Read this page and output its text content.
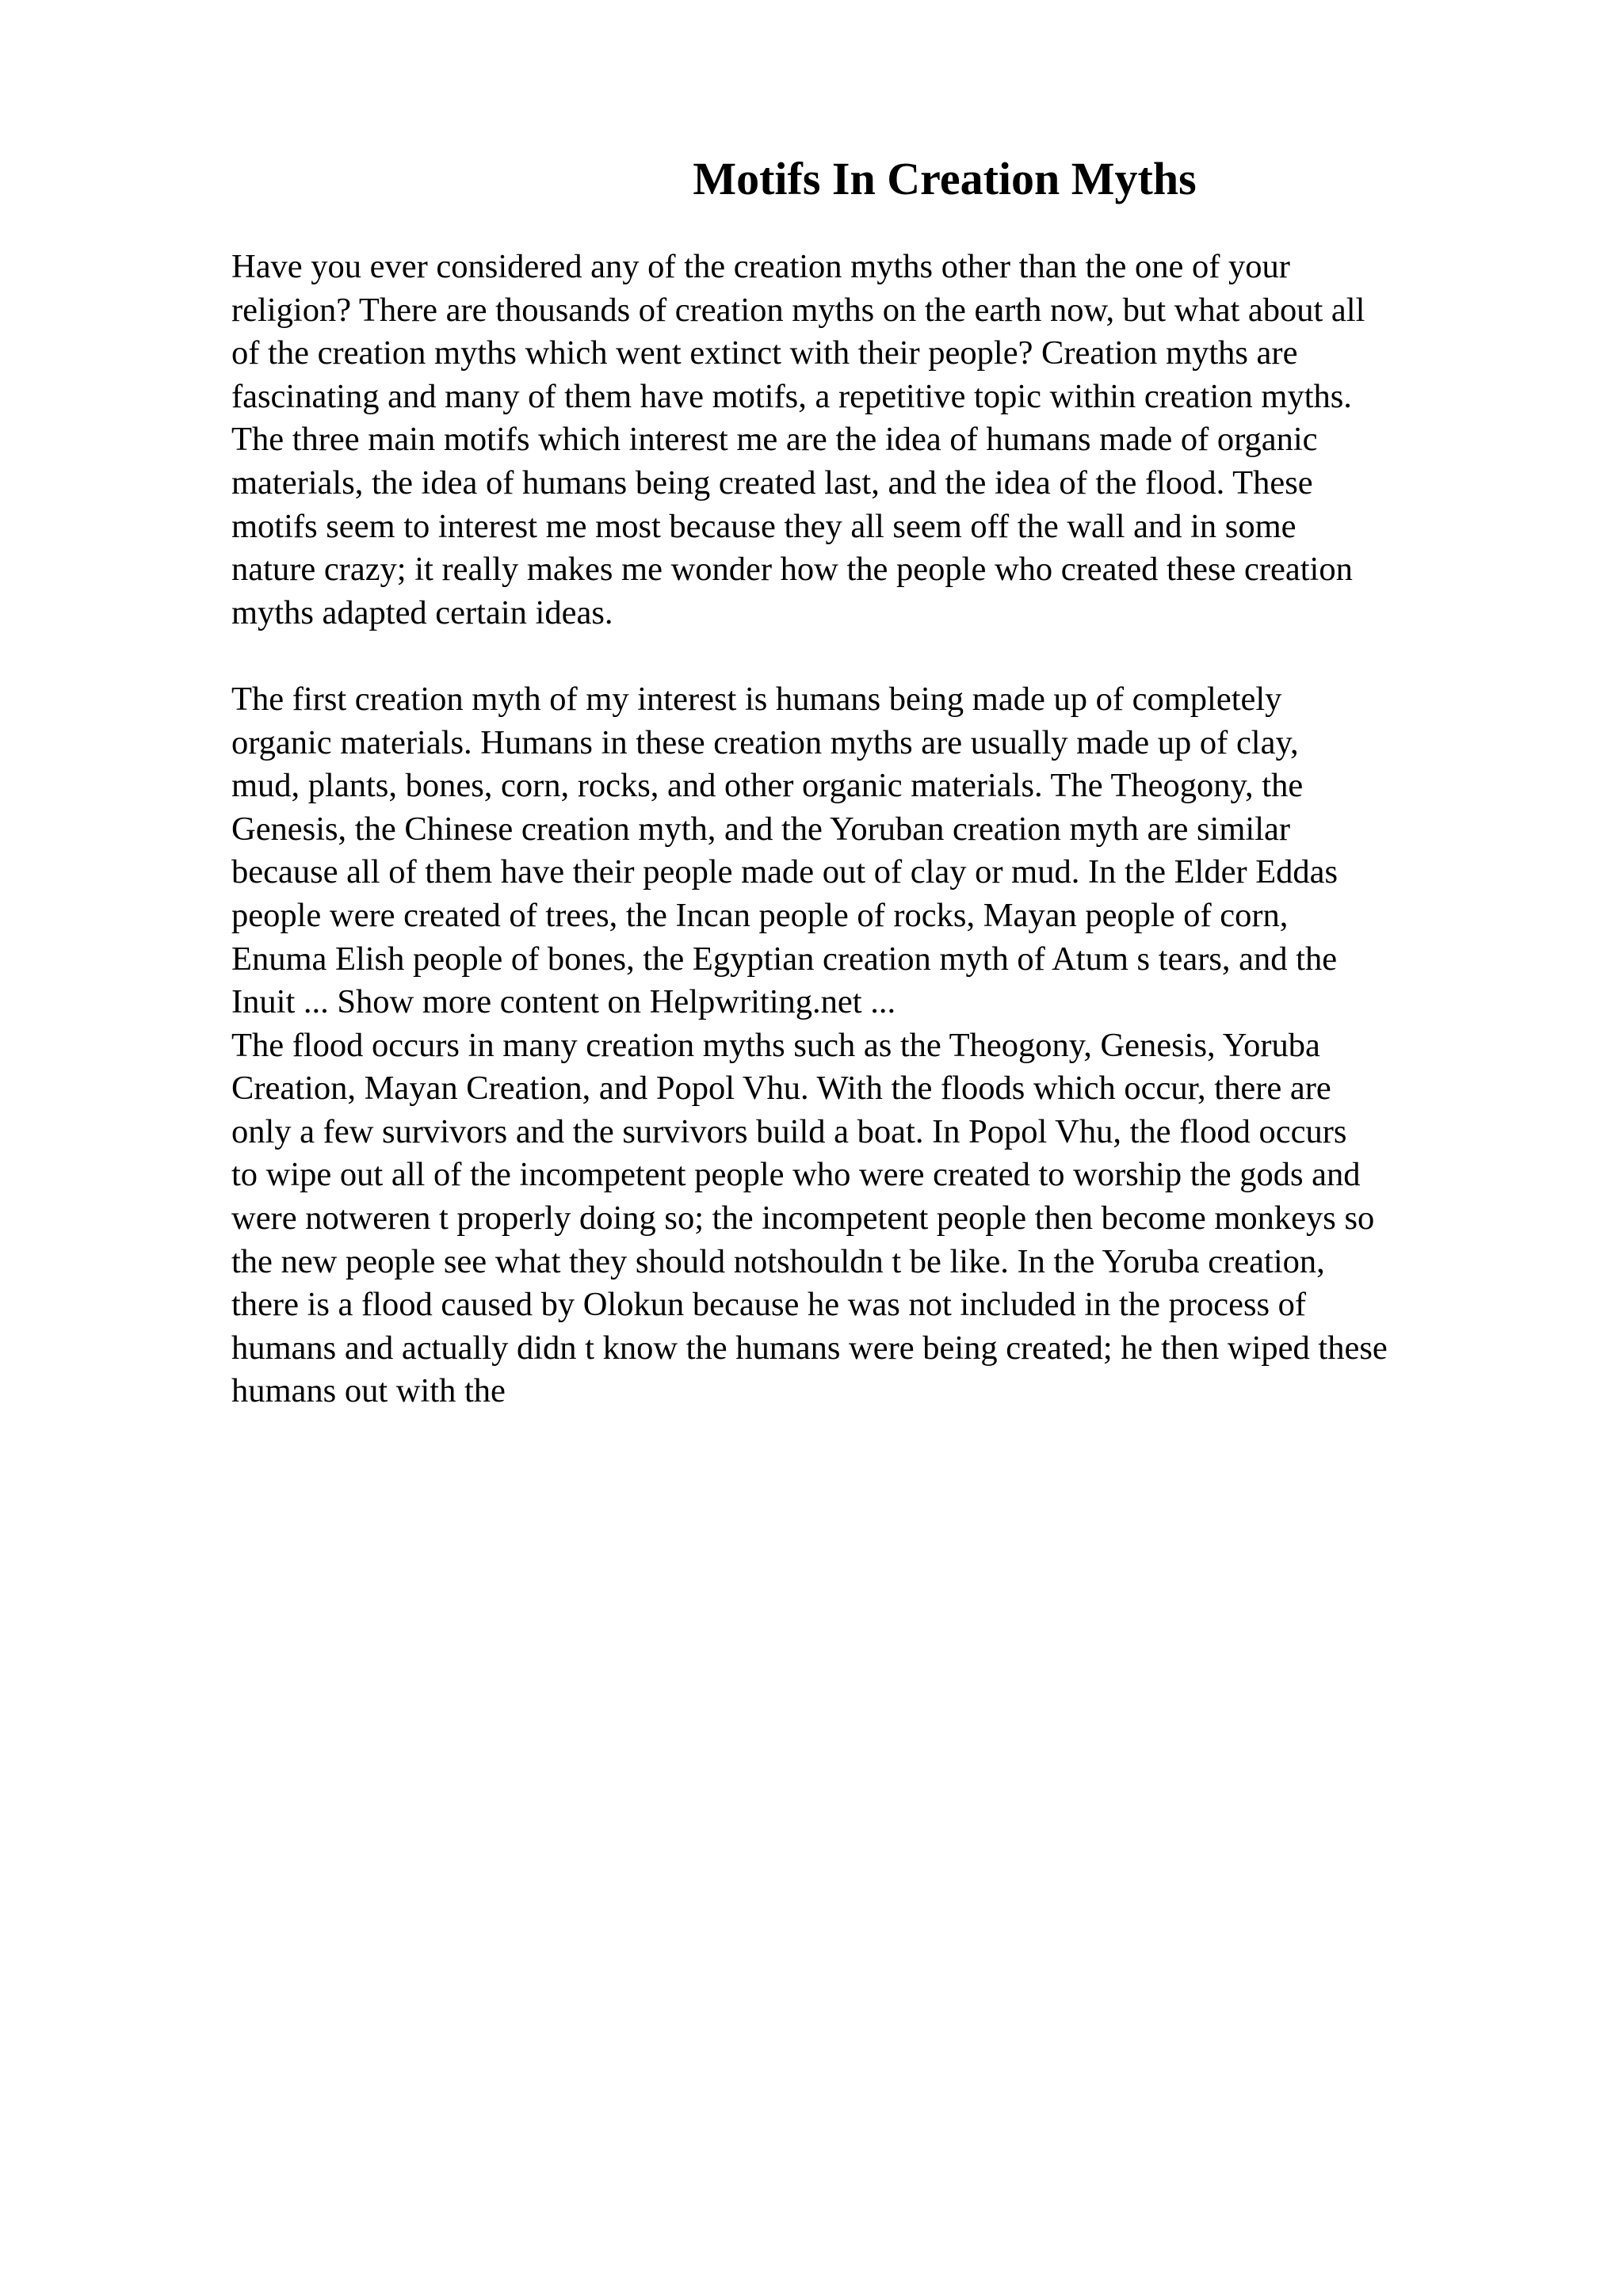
Motifs In Creation Myths

Have you ever considered any of the creation myths other than the one of your
religion? There are thousands of creation myths on the earth now, but what about all
of the creation myths which went extinct with their people? Creation myths are
fascinating and many of them have motifs, a repetitive topic within creation myths.
The three main motifs which interest me are the idea of humans made of organic
materials, the idea of humans being created last, and the idea of the flood. These
motifs seem to interest me most because they all seem off the wall and in some
nature crazy; it really makes me wonder how the people who created these creation
myths adapted certain ideas.

The first creation myth of my interest is humans being made up of completely
organic materials. Humans in these creation myths are usually made up of clay,
mud, plants, bones, corn, rocks, and other organic materials. The Theogony, the
Genesis, the Chinese creation myth, and the Yoruban creation myth are similar
because all of them have their people made out of clay or mud. In the Elder Eddas
people were created of trees, the Incan people of rocks, Mayan people of corn,
Enuma Elish people of bones, the Egyptian creation myth of Atum s tears, and the
Inuit ... Show more content on Helpwriting.net ...

The flood occurs in many creation myths such as the Theogony, Genesis, Yoruba
Creation, Mayan Creation, and Popol Vhu. With the floods which occur, there are
only a few survivors and the survivors build a boat. In Popol Vhu, the flood occurs
to wipe out all of the incompetent people who were created to worship the gods and
were notweren t properly doing so; the incompetent people then become monkeys so
the new people see what they should notshouldn t be like. In the Yoruba creation,
there is a flood caused by Olokun because he was not included in the process of
humans and actually didn t know the humans were being created; he then wiped these
humans out with the
